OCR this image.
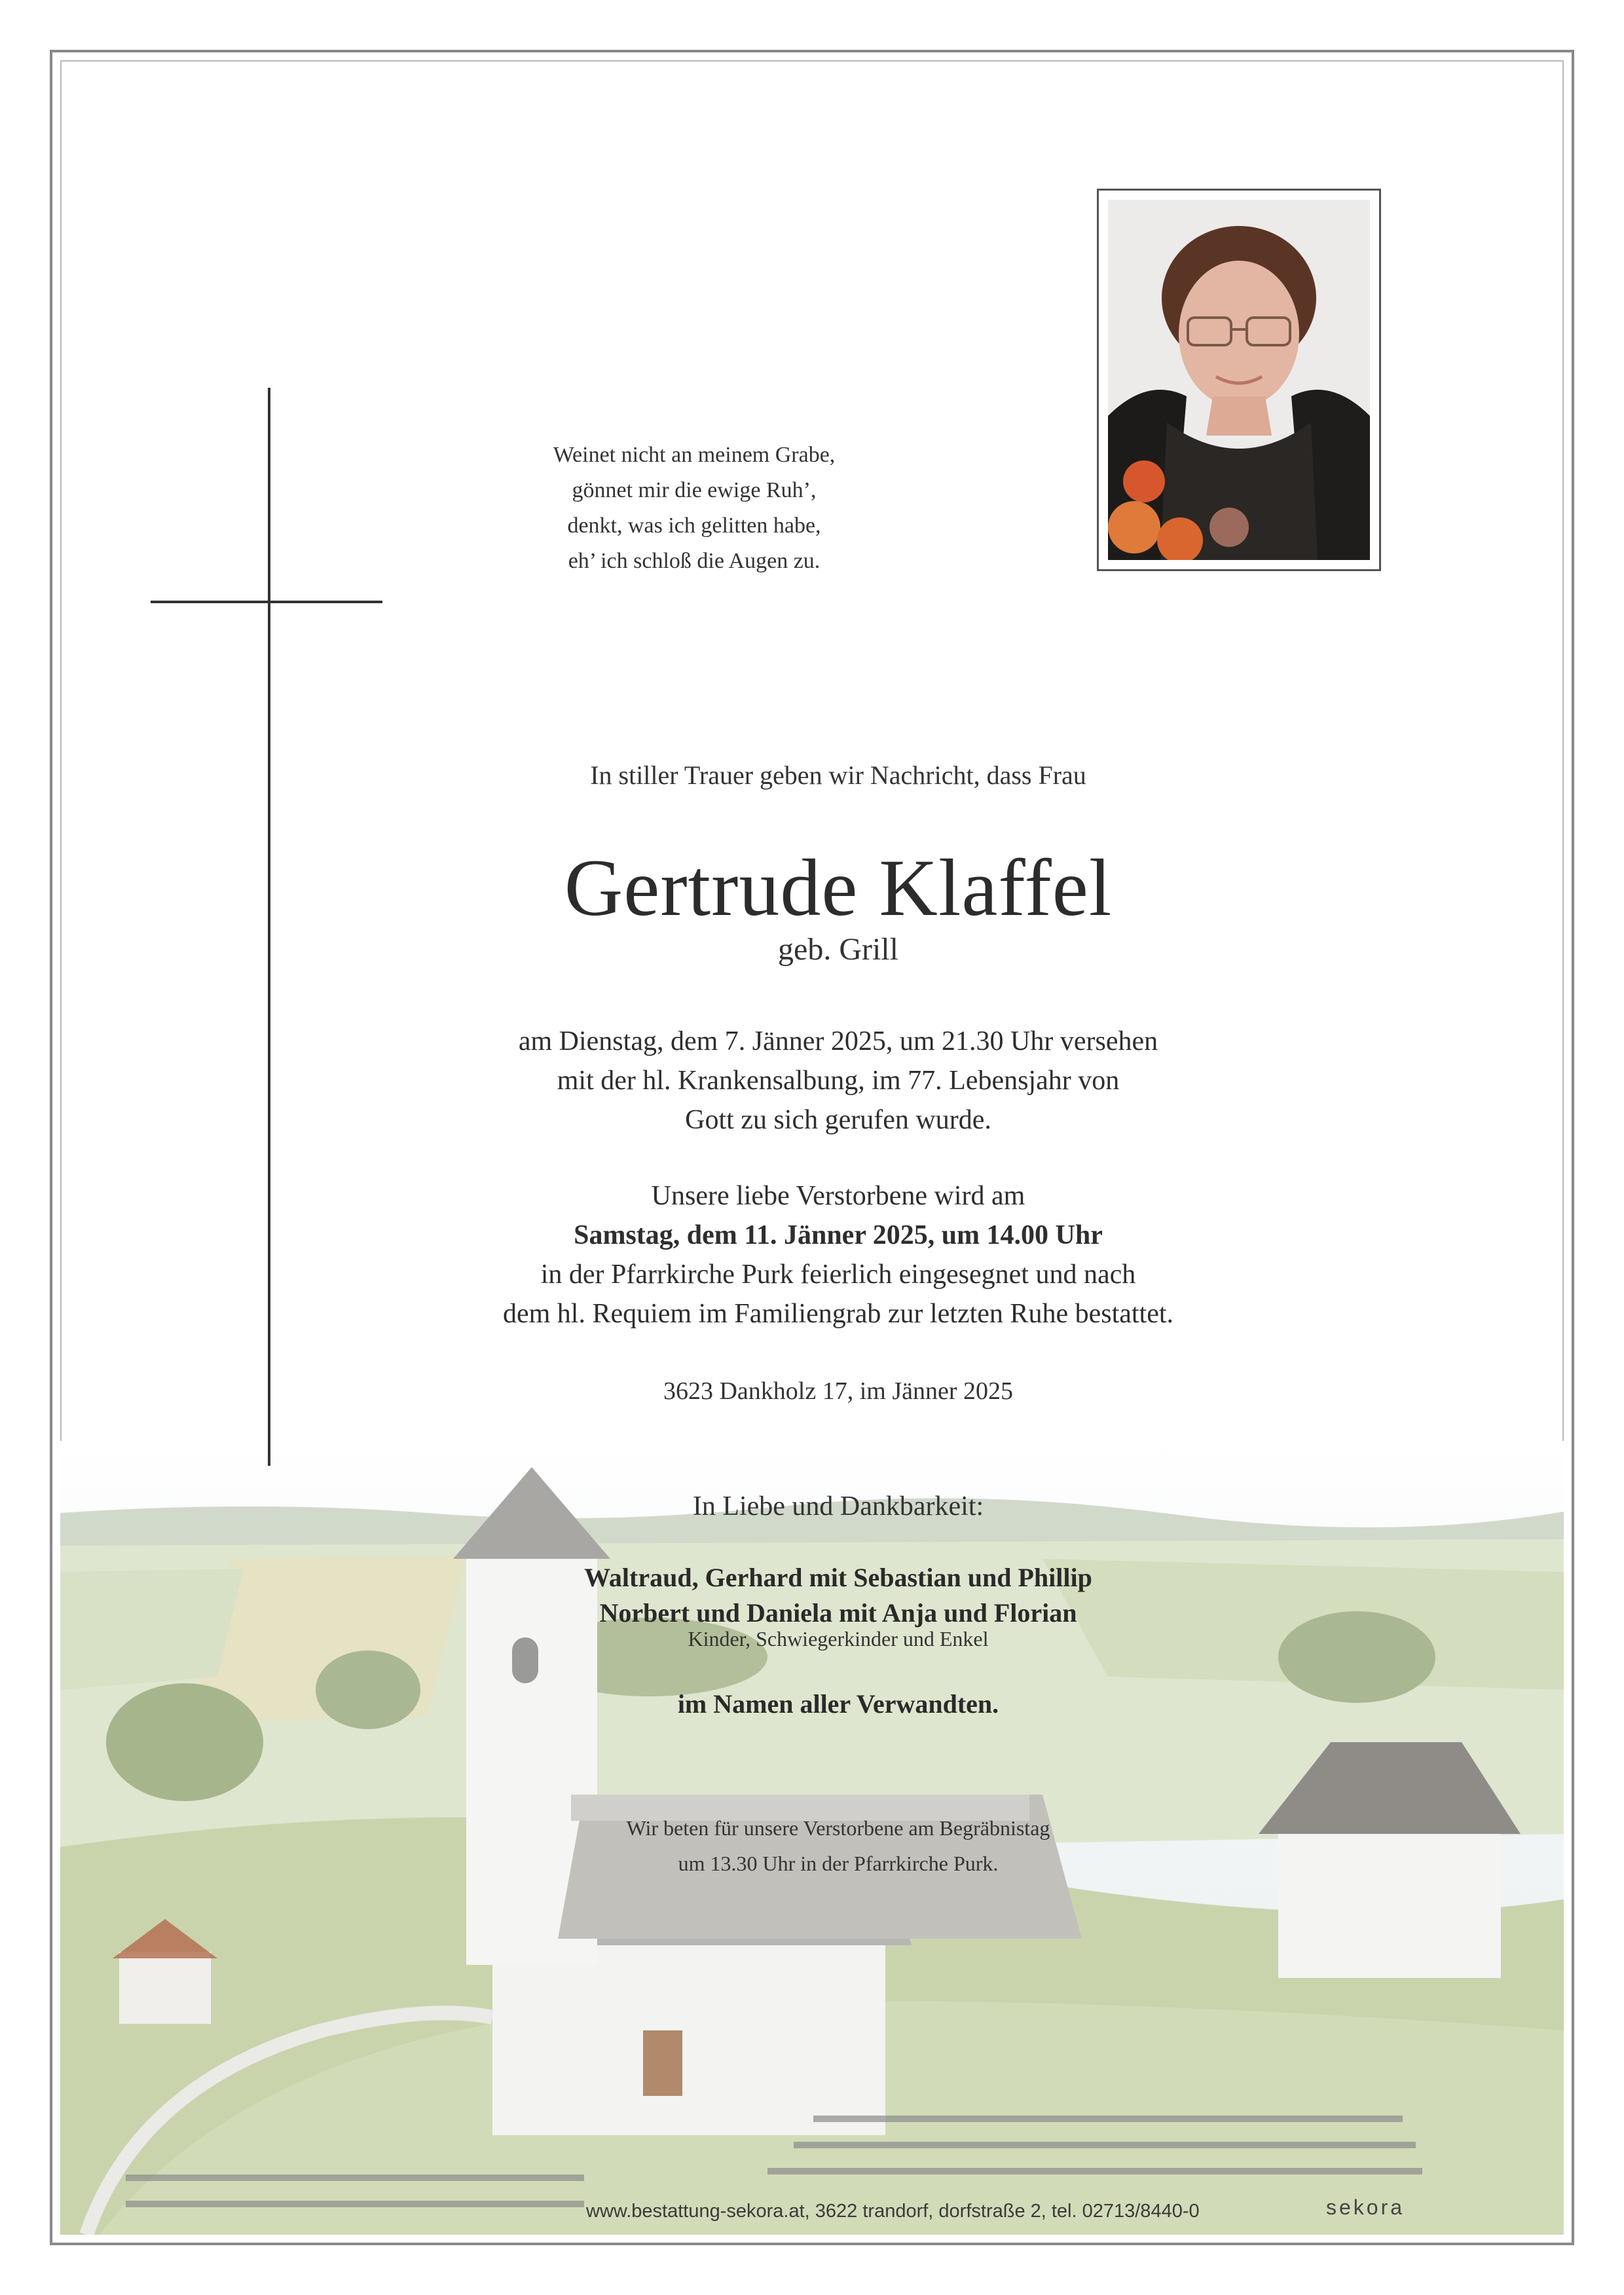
Weinet nicht an meinem Grabe,
gönnet mir die ewige Ruh’,
denkt, was ich gelitten habe,
eh’ ich schloß die Augen zu.
In stiller Trauer geben wir Nachricht, dass Frau
Gertrude Klaffel
geb. Grill
am Dienstag, dem 7. Jänner 2025, um 21.30 Uhr versehen
mit der hl. Krankensalbung, im 77. Lebensjahr von
Gott zu sich gerufen wurde.
Unsere liebe Verstorbene wird am
Samstag, dem 11. Jänner 2025, um 14.00 Uhr
in der Pfarrkirche Purk feierlich eingesegnet und nach
dem hl. Requiem im Familiengrab zur letzten Ruhe bestattet.
3623 Dankholz 17, im Jänner 2025
In Liebe und Dankbarkeit:
Waltraud, Gerhard mit Sebastian und Phillip
Norbert und Daniela mit Anja und Florian
Kinder, Schwiegerkinder und Enkel
im Namen aller Verwandten.
Wir beten für unsere Verstorbene am Begräbnistag
um 13.30 Uhr in der Pfarrkirche Purk.
www.bestattung-sekora.at, 3622 trandorf, dorfstraße 2, tel. 02713/8440-0	sekora
